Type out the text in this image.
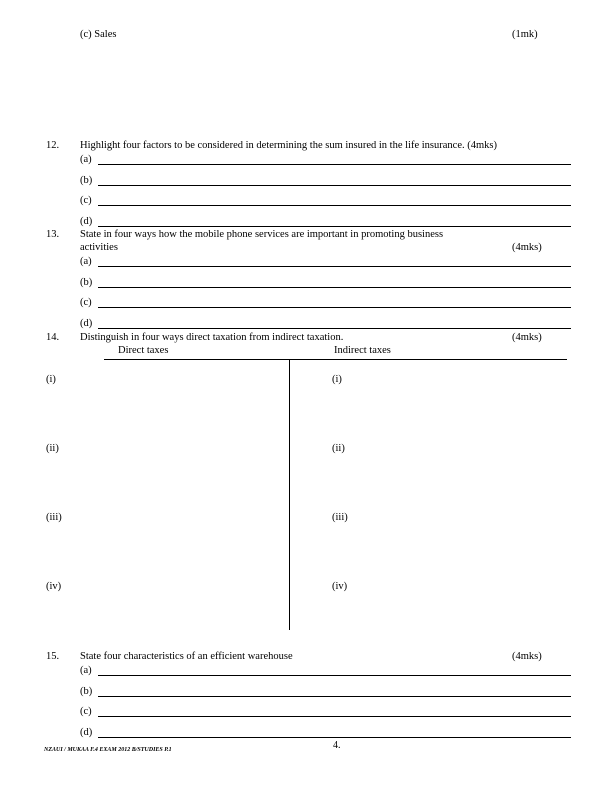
(c) Sales	(1mk)
12. Highlight four factors to be considered in determining the sum insured in the life insurance. (4mks)
(a)
(b)
(c)
(d)
13. State in four ways how the mobile phone services are important in promoting business
activities	(4mks)
(a)
(b)
(c)
(d)
14. Distinguish in four ways direct taxation from indirect taxation.	(4mks)
Direct taxes	Indirect taxes
(i)	(i)
(ii)	(ii)
(iii)	(iii)
(iv)	(iv)
15. State four characteristics of an efficient warehouse	(4mks)
(a)
(b)
(c)
(d)
NZAUI / MUKAA F.4 EXAM 2012 B/STUDIES P.1	4.
